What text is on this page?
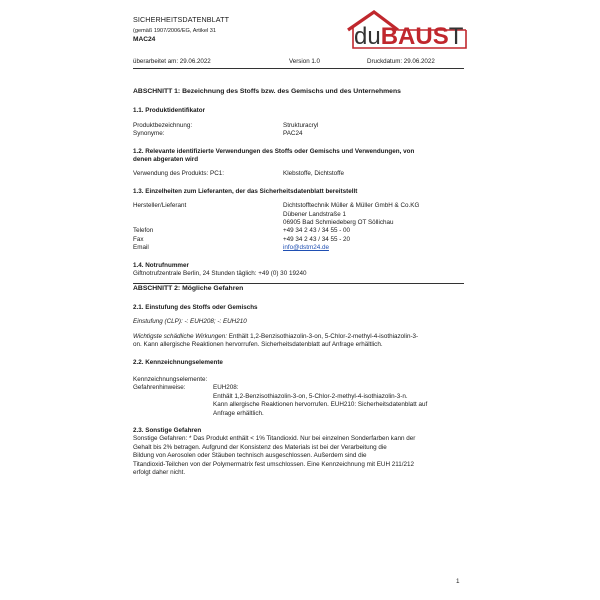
SICHERHEITSDATENBLATT
(gemäß 1907/2006/EG, Artikel 31
MAC24	duBAUST
überarbeitet am: 29.06.2022	Version 1.0	Druckdatum: 29.06.2022
ABSCHNITT 1: Bezeichnung des Stoffs bzw. des Gemischs und des Unternehmens
1.1. Produktidentifikator
Produktbezeichnung:	Strukturacryl
Synonyme:	PAC24
1.2. Relevante identifizierte Verwendungen des Stoffs oder Gemischs und Verwendungen, von
denen abgeraten wird
Verwendung des Produkts: PC1:	Klebstoffe, Dichtstoffe
1.3. Einzelheiten zum Lieferanten, der das Sicherheitsdatenblatt bereitstellt
Hersteller/Lieferant	Dichtstofftechnik Müller & Müller GmbH & Co.KG
Dübener Landstraße 1
06905 Bad Schmiedeberg OT Söllichau
Telefon	+49 34 2 43 / 34 55 - 00
Fax	+49 34 2 43 / 34 55 - 20
Email	info@dstm24.de
1.4. Notrufnummer
Giftnotrufzentrale Berlin, 24 Stunden täglich: +49 (0) 30 19240
ABSCHNITT 2: Mögliche Gefahren
2.1. Einstufung des Stoffs oder Gemischs
Einstufung (CLP): -: EUH208; -: EUH210
Wichtigste schädliche Wirkungen: Enthält 1,2-Benzisothiazolin-3-on, 5-Chlor-2-methyl-4-isothiazolin-3-
on. Kann allergische Reaktionen hervorrufen. Sicherheitsdatenblatt auf Anfrage erhältlich.
2.2. Kennzeichnungselemente
Kennzeichnungselemente:
Gefahrenhinweise:	EUH208:
Enthält 1,2-Benzisothiazolin-3-on, 5-Chlor-2-methyl-4-isothiazolin-3-n.
Kann allergische Reaktionen hervorrufen. EUH210: Sicherheitsdatenblatt auf
Anfrage erhältlich.
2.3. Sonstige Gefahren
Sonstige Gefahren: * Das Produkt enthält < 1% Titandioxid. Nur bei einzelnen Sonderfarben kann der
Gehalt bis 2% betragen. Aufgrund der Konsistenz des Materials ist bei der Verarbeitung die
Bildung von Aerosolen oder Stäuben technisch ausgeschlossen. Außerdem sind die
Titandioxid-Teilchen von der Polymermatrix fest umschlossen. Eine Kennzeichnung mit EUH 211/212
erfolgt daher nicht.
1
